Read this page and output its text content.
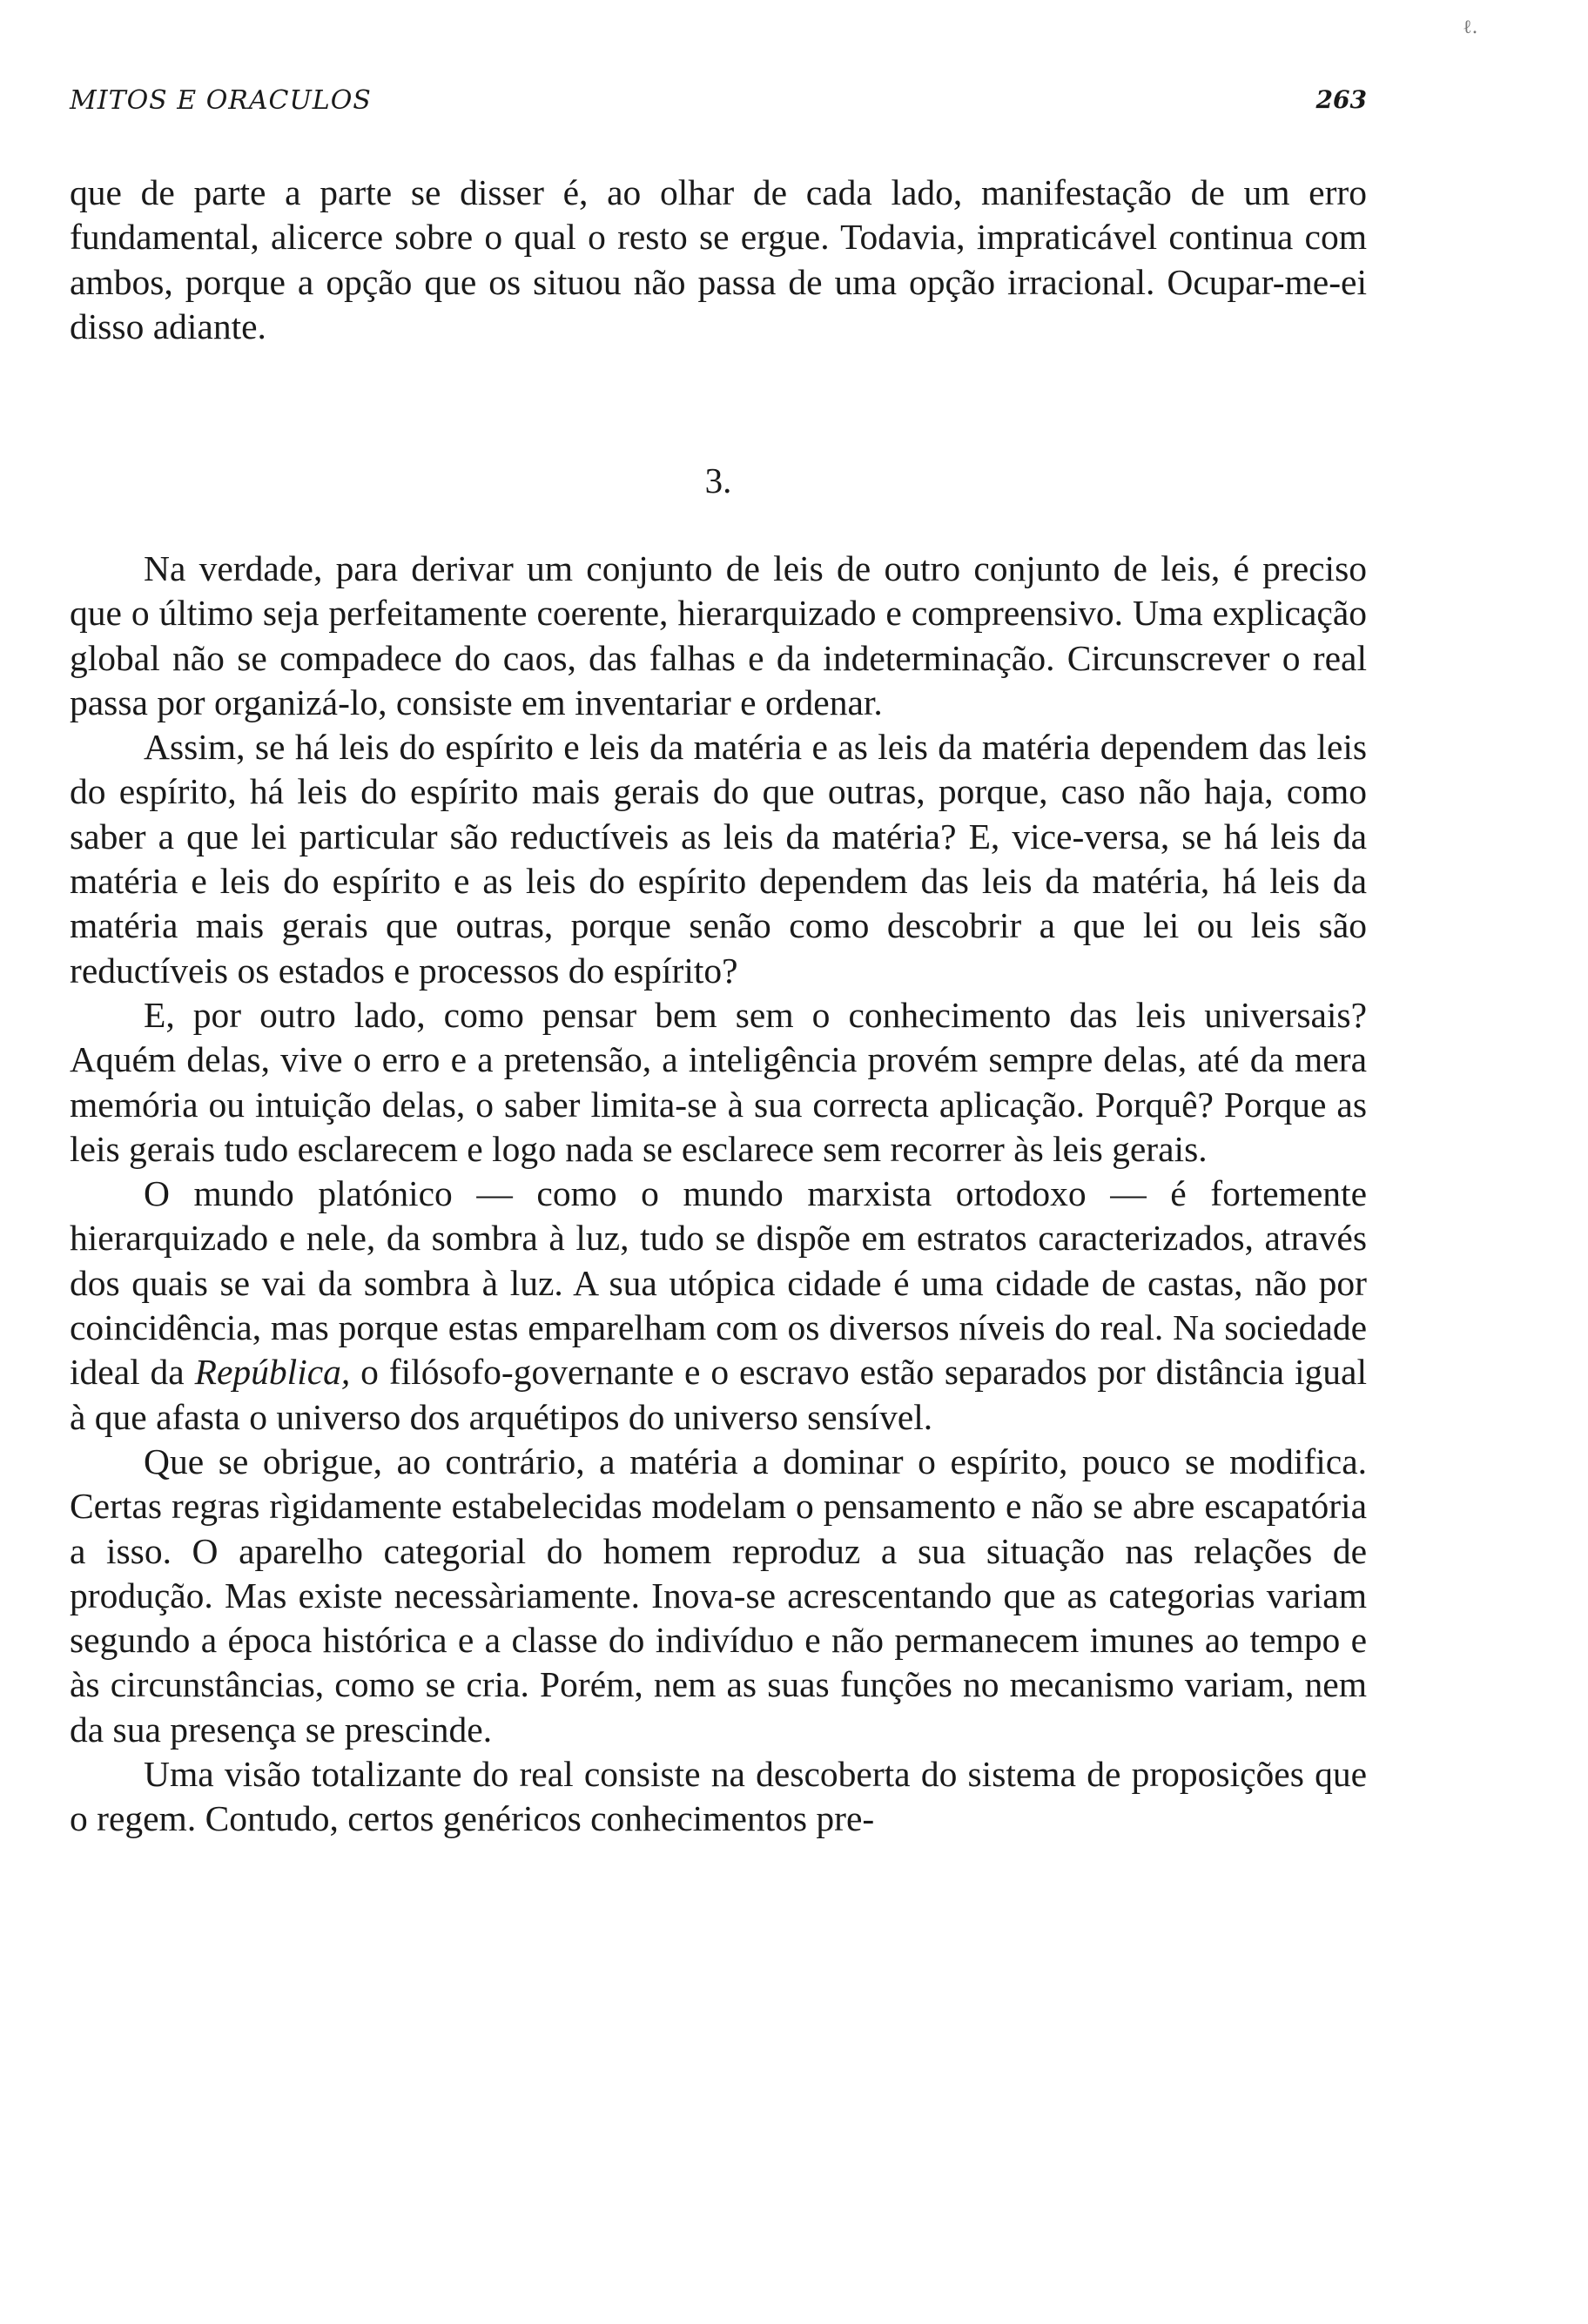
ℓ.
MITOS E ORACULOS	263

que de parte a parte se disser é, ao olhar de cada lado, manifestação de um erro fundamental, alicerce sobre o qual o resto se ergue. Todavia, impraticável continua com ambos, porque a opção que os situou não passa de uma opção irracional. Ocupar-me-ei disso adiante.

3.

Na verdade, para derivar um conjunto de leis de outro conjunto de leis, é preciso que o último seja perfeitamente coerente, hierarquizado e compreensivo. Uma explicação global não se compadece do caos, das falhas e da indeterminação. Circunscrever o real passa por organizá-lo, consiste em inventariar e ordenar.

Assim, se há leis do espírito e leis da matéria e as leis da matéria dependem das leis do espírito, há leis do espírito mais gerais do que outras, porque, caso não haja, como saber a que lei particular são reductíveis as leis da matéria? E, vice-versa, se há leis da matéria e leis do espírito e as leis do espírito dependem das leis da matéria, há leis da matéria mais gerais que outras, porque senão como descobrir a que lei ou leis são reductíveis os estados e processos do espírito?

E, por outro lado, como pensar bem sem o conhecimento das leis universais? Aquém delas, vive o erro e a pretensão, a inteligência provém sempre delas, até da mera memória ou intuição delas, o saber limita-se à sua correcta aplicação. Porquê? Porque as leis gerais tudo esclarecem e logo nada se esclarece sem recorrer às leis gerais.

O mundo platónico — como o mundo marxista ortodoxo — é fortemente hierarquizado e nele, da sombra à luz, tudo se dispõe em estratos caracterizados, através dos quais se vai da sombra à luz. A sua utópica cidade é uma cidade de castas, não por coincidência, mas porque estas emparelham com os diversos níveis do real. Na sociedade ideal da República, o filósofo-governante e o escravo estão separados por distância igual à que afasta o universo dos arquétipos do universo sensível.

Que se obrigue, ao contrário, a matéria a dominar o espírito, pouco se modifica. Certas regras rìgidamente estabelecidas modelam o pensamento e não se abre escapatória a isso. O aparelho categorial do homem reproduz a sua situação nas relações de produção. Mas existe necessàriamente. Inova-se acrescentando que as categorias variam segundo a época histórica e a classe do indivíduo e não permanecem imunes ao tempo e às circunstâncias, como se cria. Porém, nem as suas funções no mecanismo variam, nem da sua presença se prescinde.

Uma visão totalizante do real consiste na descoberta do sistema de proposições que o regem. Contudo, certos genéricos conhecimentos pre-
